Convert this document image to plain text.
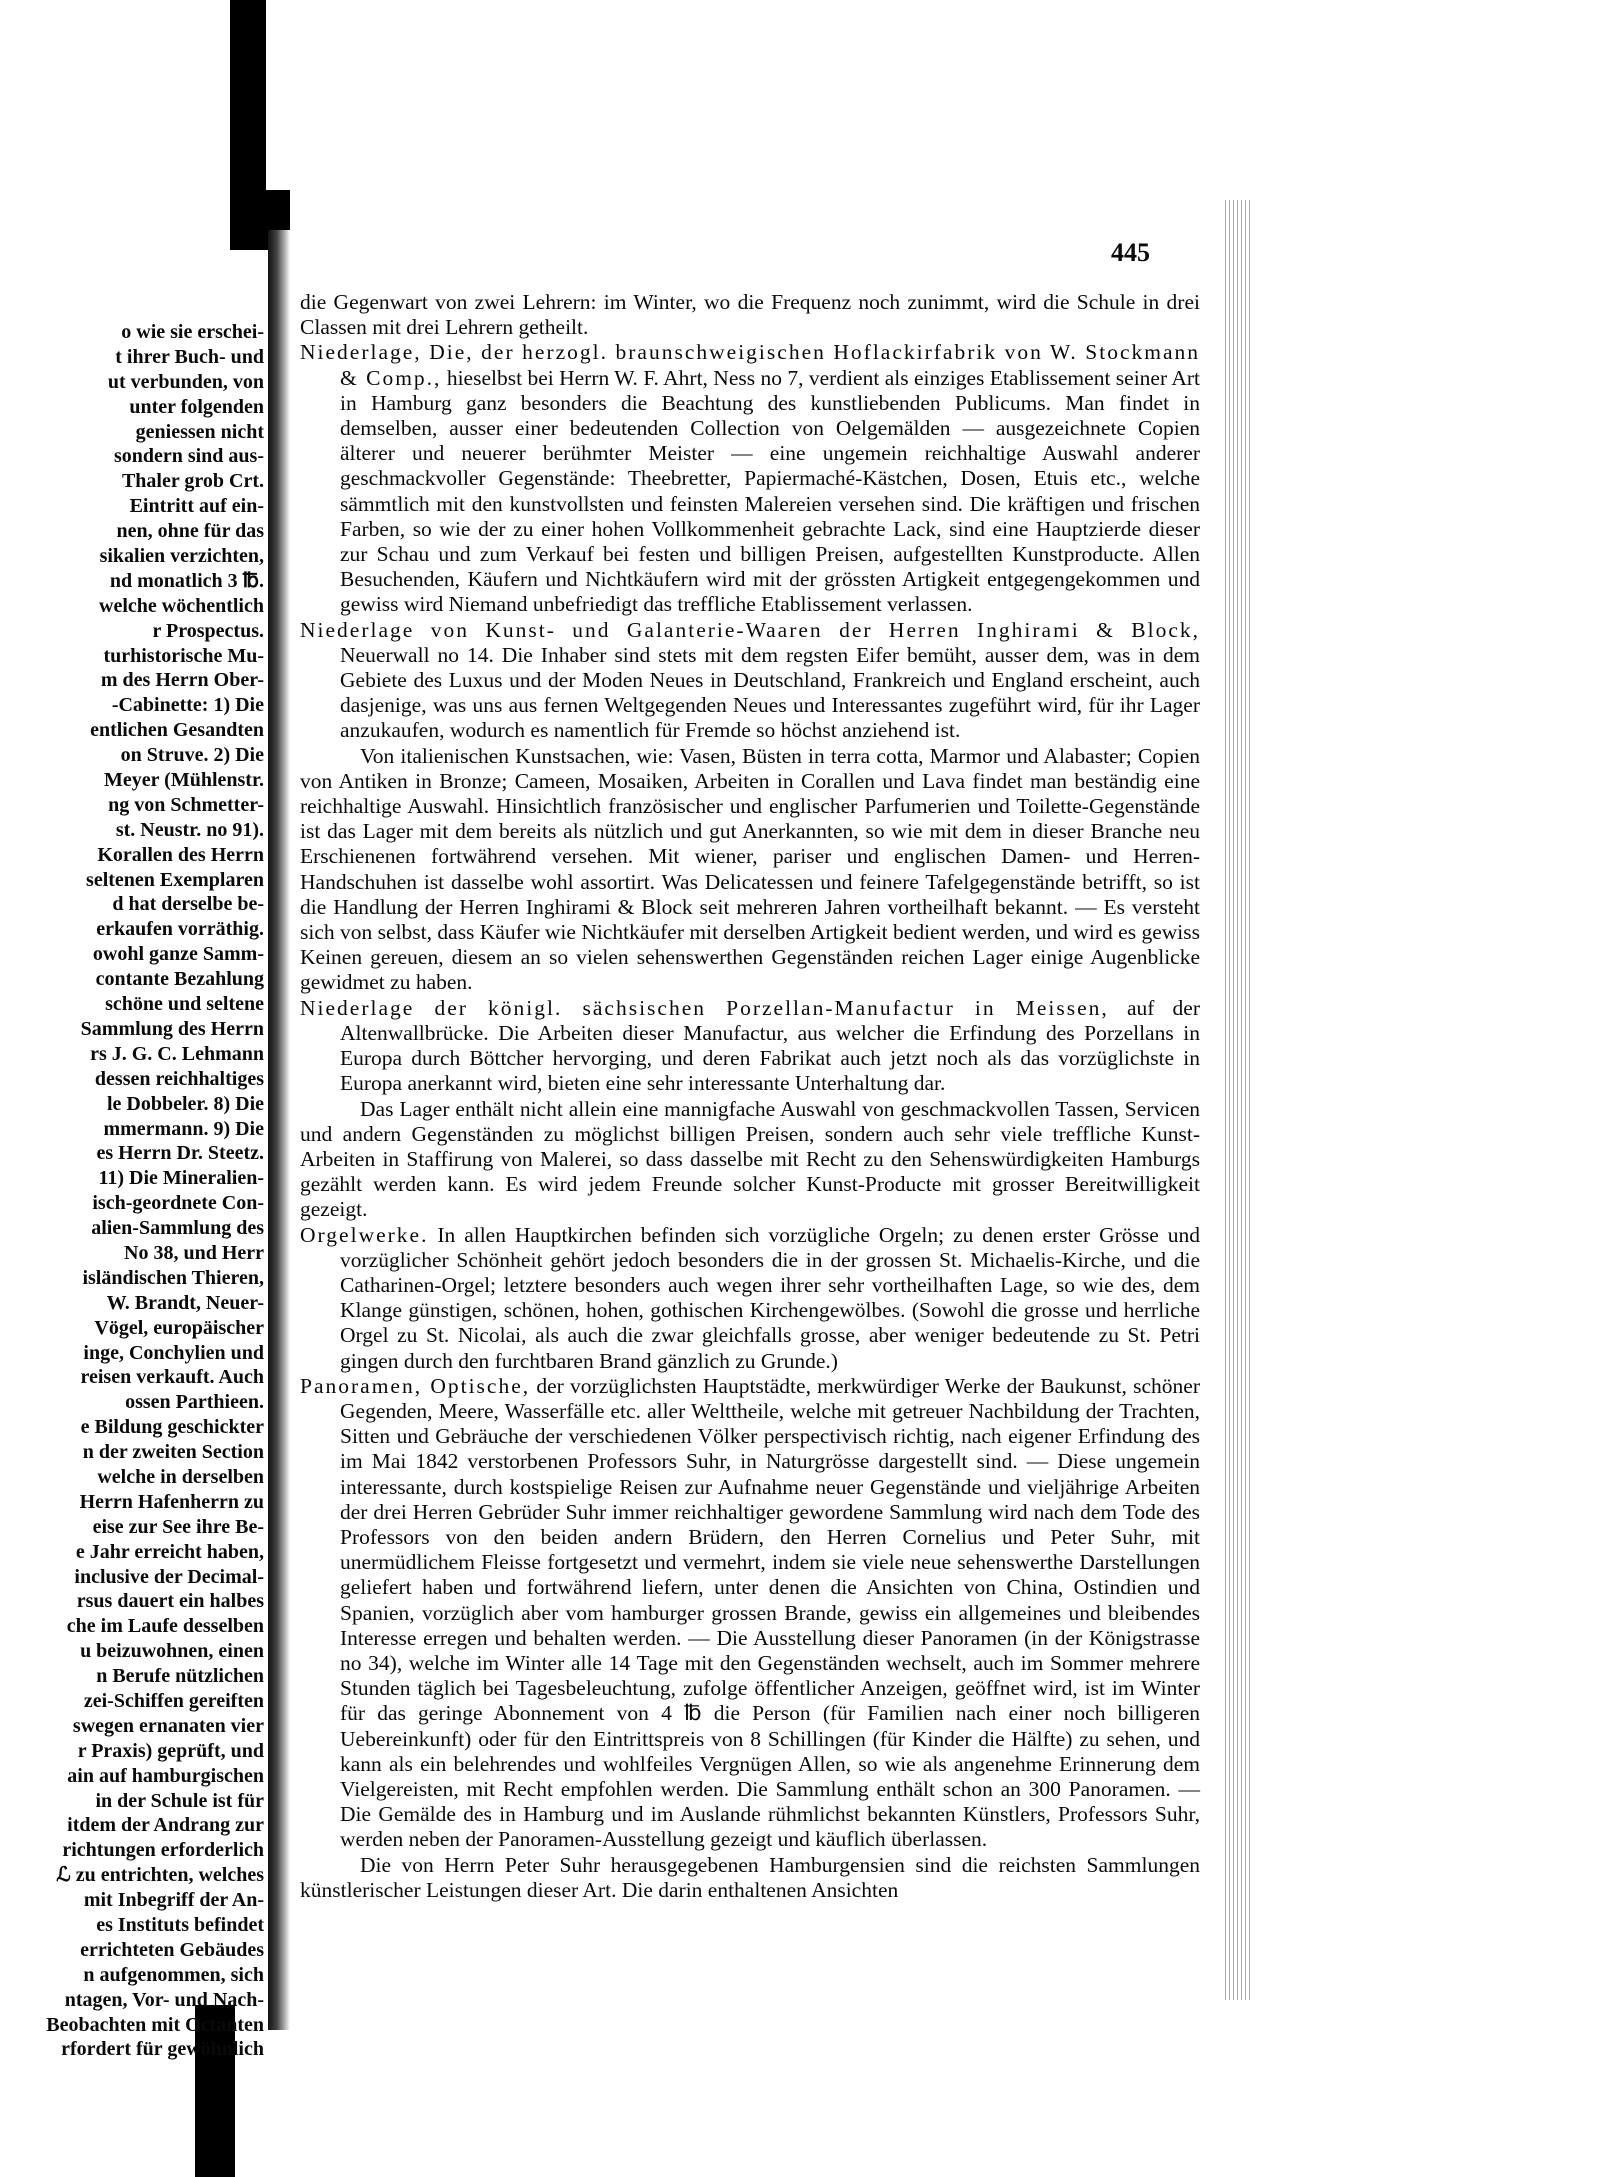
o wie sie erschei-
t ihrer Buch- und
ut verbunden, von
unter folgenden
geniessen nicht
sondern sind aus-
Thaler grob Crt.
Eintritt auf ein-
nen, ohne für das
sikalien verzichten,
nd monatlich 3 ℔.
welche wöchentlich
r Prospectus.
turhistorische Mu-
m des Herrn Ober-
-Cabinette: 1) Die
entlichen Gesandten
on Struve. 2) Die
Meyer (Mühlenstr.
ng von Schmetter-
st. Neustr. no 91).
Korallen des Herrn
seltenen Exemplaren
d hat derselbe be-
erkaufen vorräthig.
owohl ganze Samm-
contante Bezahlung
schöne und seltene
Sammlung des Herrn
rs J. G. C. Lehmann
dessen reichhaltiges
le Dobbeler. 8) Die
mmermann. 9) Die
es Herrn Dr. Steetz.
11) Die Mineralien-
isch-geordnete Con-
alien-Sammlung des
No 38, und Herr
isländischen Thieren,
W. Brandt, Neuer-
Vögel, europäischer
inge, Conchylien und
reisen verkauft. Auch
ossen Parthieen.
e Bildung geschickter
n der zweiten Section
welche in derselben
Herrn Hafenherrn zu
eise zur See ihre Be-
e Jahr erreicht haben,
inclusive der Decimal-
rsus dauert ein halbes
che im Laufe desselben
u beizuwohnen, einen
n Berufe nützlichen
zei-Schiffen gereiften
swegen ernanaten vier
r Praxis) geprüft, und
ain auf hamburgischen
in der Schule ist für
itdem der Andrang zur
richtungen erforderlich
ℒ zu entrichten, welches
mit Inbegriff der An-
es Instituts befindet
errichteten Gebäudes
n aufgenommen, sich
ntagen, Vor- und Nach-
Beobachten mit Octanten
rfordert für gewöhnlich
445

die Gegenwart von zwei Lehrern: im Winter, wo die Frequenz noch zunimmt, wird die Schule in drei Classen mit drei Lehrern getheilt.

Niederlage, Die, der herzogl. braunschweigischen Hoflackirfabrik von W. Stockmann & Comp., hieselbst bei Herrn W. F. Ahrt, Ness no 7, verdient als einziges Etablissement seiner Art in Hamburg ganz besonders die Beachtung des kunstliebenden Publicums. Man findet in demselben, ausser einer bedeutenden Collection von Oelgemälden — ausgezeichnete Copien älterer und neuerer berühmter Meister — eine ungemein reichhaltige Auswahl anderer geschmackvoller Gegenstände: Theebretter, Papiermaché-Kästchen, Dosen, Etuis etc., welche sämmtlich mit den kunstvollsten und feinsten Malereien versehen sind. Die kräftigen und frischen Farben, so wie der zu einer hohen Vollkommenheit gebrachte Lack, sind eine Hauptzierde dieser zur Schau und zum Verkauf bei festen und billigen Preisen, aufgestellten Kunstproducte. Allen Besuchenden, Käufern und Nichtkäufern wird mit der grössten Artigkeit entgegengekommen und gewiss wird Niemand unbefriedigt das treffliche Etablissement verlassen.

Niederlage von Kunst- und Galanterie-Waaren der Herren Inghirami & Block, Neuerwall no 14. Die Inhaber sind stets mit dem regsten Eifer bemüht, ausser dem, was in dem Gebiete des Luxus und der Moden Neues in Deutschland, Frankreich und England erscheint, auch dasjenige, was uns aus fernen Weltgegenden Neues und Interessantes zugeführt wird, für ihr Lager anzukaufen, wodurch es namentlich für Fremde so höchst anziehend ist.

Von italienischen Kunstsachen, wie: Vasen, Büsten in terra cotta, Marmor und Alabaster; Copien von Antiken in Bronze; Cameen, Mosaiken, Arbeiten in Corallen und Lava findet man beständig eine reichhaltige Auswahl. Hinsichtlich französischer und englischer Parfumerien und Toilette-Gegenstände ist das Lager mit dem bereits als nützlich und gut Anerkannten, so wie mit dem in dieser Branche neu Erschienenen fortwährend versehen. Mit wiener, pariser und englischen Damen- und Herren-Handschuhen ist dasselbe wohl assortirt. Was Delicatessen und feinere Tafelgegenstände betrifft, so ist die Handlung der Herren Inghirami & Block seit mehreren Jahren vortheilhaft bekannt. — Es versteht sich von selbst, dass Käufer wie Nichtkäufer mit derselben Artigkeit bedient werden, und wird es gewiss Keinen gereuen, diesem an so vielen sehenswerthen Gegenständen reichen Lager einige Augenblicke gewidmet zu haben.

Niederlage der königl. sächsischen Porzellan-Manufactur in Meissen, auf der Altenwallbrücke. Die Arbeiten dieser Manufactur, aus welcher die Erfindung des Porzellans in Europa durch Böttcher hervorging, und deren Fabrikat auch jetzt noch als das vorzüglichste in Europa anerkannt wird, bieten eine sehr interessante Unterhaltung dar.

Das Lager enthält nicht allein eine mannigfache Auswahl von geschmackvollen Tassen, Servicen und andern Gegenständen zu möglichst billigen Preisen, sondern auch sehr viele treffliche Kunst-Arbeiten in Staffirung von Malerei, so dass dasselbe mit Recht zu den Sehenswürdigkeiten Hamburgs gezählt werden kann. Es wird jedem Freunde solcher Kunst-Producte mit grosser Bereitwilligkeit gezeigt.

Orgelwerke. In allen Hauptkirchen befinden sich vorzügliche Orgeln; zu denen erster Grösse und vorzüglicher Schönheit gehört jedoch besonders die in der grossen St. Michaelis-Kirche, und die Catharinen-Orgel; letztere besonders auch wegen ihrer sehr vortheilhaften Lage, so wie des, dem Klange günstigen, schönen, hohen, gothischen Kirchengewölbes. (Sowohl die grosse und herrliche Orgel zu St. Nicolai, als auch die zwar gleichfalls grosse, aber weniger bedeutende zu St. Petri gingen durch den furchtbaren Brand gänzlich zu Grunde.)

Panoramen, Optische, der vorzüglichsten Hauptstädte, merkwürdiger Werke der Baukunst, schöner Gegenden, Meere, Wasserfälle etc. aller Welttheile, welche mit getreuer Nachbildung der Trachten, Sitten und Gebräuche der verschiedenen Völker perspectivisch richtig, nach eigener Erfindung des im Mai 1842 verstorbenen Professors Suhr, in Naturgrösse dargestellt sind. — Diese ungemein interessante, durch kostspielige Reisen zur Aufnahme neuer Gegenstände und vieljährige Arbeiten der drei Herren Gebrüder Suhr immer reichhaltiger gewordene Sammlung wird nach dem Tode des Professors von den beiden andern Brüdern, den Herren Cornelius und Peter Suhr, mit unermüdlichem Fleisse fortgesetzt und vermehrt, indem sie viele neue sehenswerthe Darstellungen geliefert haben und fortwährend liefern, unter denen die Ansichten von China, Ostindien und Spanien, vorzüglich aber vom hamburger grossen Brande, gewiss ein allgemeines und bleibendes Interesse erregen und behalten werden. — Die Ausstellung dieser Panoramen (in der Königstrasse no 34), welche im Winter alle 14 Tage mit den Gegenständen wechselt, auch im Sommer mehrere Stunden täglich bei Tagesbeleuchtung, zufolge öffentlicher Anzeigen, geöffnet wird, ist im Winter für das geringe Abonnement von 4 ℔ die Person (für Familien nach einer noch billigeren Uebereinkunft) oder für den Eintrittspreis von 8 Schillingen (für Kinder die Hälfte) zu sehen, und kann als ein belehrendes und wohlfeiles Vergnügen Allen, so wie als angenehme Erinnerung dem Vielgereisten, mit Recht empfohlen werden. Die Sammlung enthält schon an 300 Panoramen. — Die Gemälde des in Hamburg und im Auslande rühmlichst bekannten Künstlers, Professors Suhr, werden neben der Panoramen-Ausstellung gezeigt und käuflich überlassen.

Die von Herrn Peter Suhr herausgegebenen Hamburgensien sind die reichsten Sammlungen künstlerischer Leistungen dieser Art. Die darin enthaltenen Ansichten
